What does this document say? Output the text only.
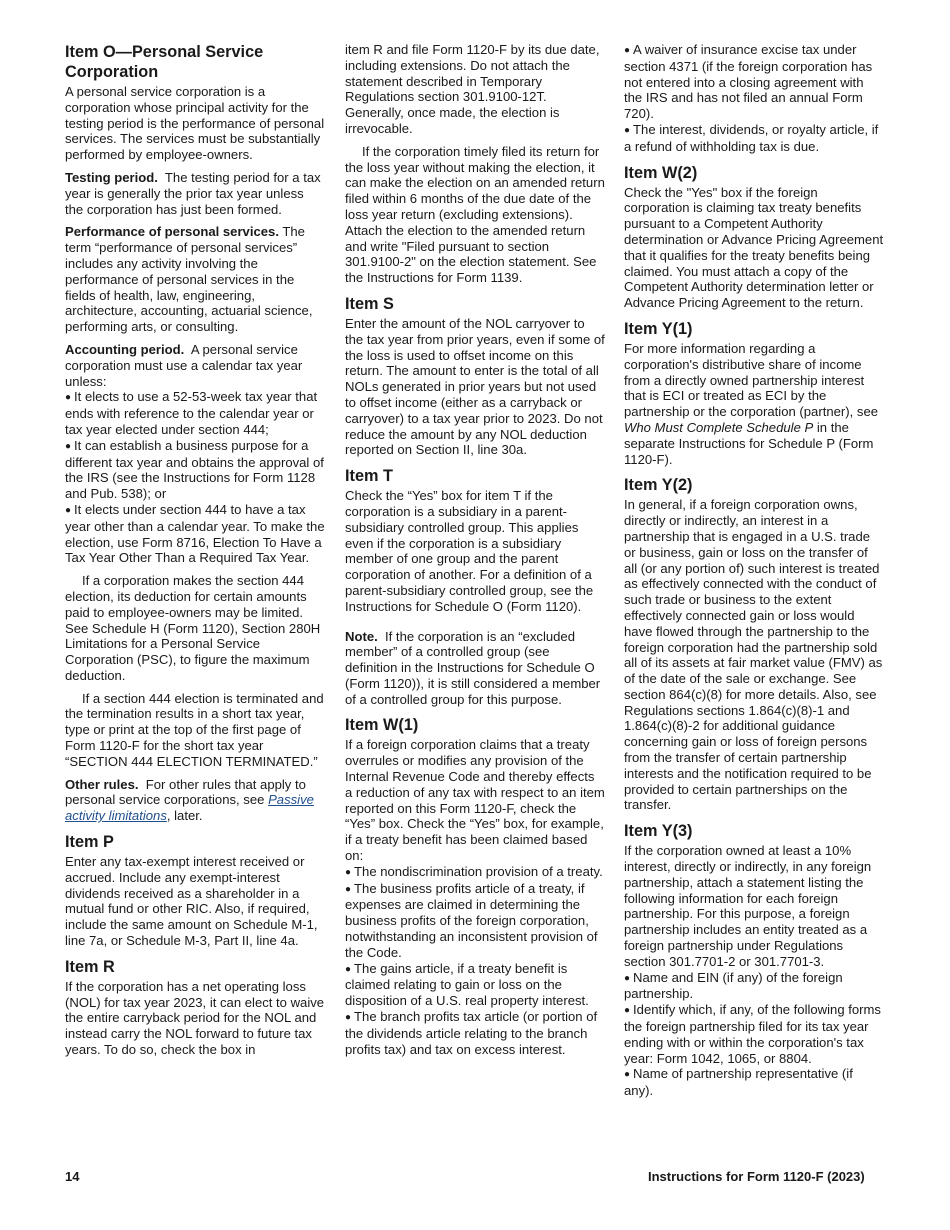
Item O—Personal Service Corporation

A personal service corporation is a corporation whose principal activity for the testing period is the performance of personal services. The services must be substantially performed by employee-owners.

Testing period. The testing period for a tax year is generally the prior tax year unless the corporation has just been formed.

Performance of personal services. The term “performance of personal services” includes any activity involving the performance of personal services in the fields of health, law, engineering, architecture, accounting, actuarial science, performing arts, or consulting.

Accounting period. A personal service corporation must use a calendar tax year unless:

● It elects to use a 52-53-week tax year that ends with reference to the calendar year or tax year elected under section 444;

● It can establish a business purpose for a different tax year and obtains the approval of the IRS (see the Instructions for Form 1128 and Pub. 538); or

● It elects under section 444 to have a tax year other than a calendar year. To make the election, use Form 8716, Election To Have a Tax Year Other Than a Required Tax Year.

If a corporation makes the section 444 election, its deduction for certain amounts paid to employee-owners may be limited. See Schedule H (Form 1120), Section 280H Limitations for a Personal Service Corporation (PSC), to figure the maximum deduction.

If a section 444 election is terminated and the termination results in a short tax year, type or print at the top of the first page of Form 1120-F for the short tax year “SECTION 444 ELECTION TERMINATED.”

Other rules. For other rules that apply to personal service corporations, see Passive activity limitations, later.

Item P

Enter any tax-exempt interest received or accrued. Include any exempt-interest dividends received as a shareholder in a mutual fund or other RIC. Also, if required, include the same amount on Schedule M-1, line 7a, or Schedule M-3, Part II, line 4a.

Item R

If the corporation has a net operating loss (NOL) for tax year 2023, it can elect to waive the entire carryback period for the NOL and instead carry the NOL forward to future tax years. To do so, check the box in

item R and file Form 1120-F by its due date, including extensions. Do not attach the statement described in Temporary Regulations section 301.9100-12T. Generally, once made, the election is irrevocable.

If the corporation timely filed its return for the loss year without making the election, it can make the election on an amended return filed within 6 months of the due date of the loss year return (excluding extensions). Attach the election to the amended return and write "Filed pursuant to section 301.9100-2" on the election statement. See the Instructions for Form 1139.

Item S

Enter the amount of the NOL carryover to the tax year from prior years, even if some of the loss is used to offset income on this return. The amount to enter is the total of all NOLs generated in prior years but not used to offset income (either as a carryback or carryover) to a tax year prior to 2023. Do not reduce the amount by any NOL deduction reported on Section II, line 30a.

Item T

Check the “Yes” box for item T if the corporation is a subsidiary in a parent-subsidiary controlled group. This applies even if the corporation is a subsidiary member of one group and the parent corporation of another. For a definition of a parent-subsidiary controlled group, see the Instructions for Schedule O (Form 1120).

Note. If the corporation is an “excluded member” of a controlled group (see definition in the Instructions for Schedule O (Form 1120)), it is still considered a member of a controlled group for this purpose.

Item W(1)

If a foreign corporation claims that a treaty overrules or modifies any provision of the Internal Revenue Code and thereby effects a reduction of any tax with respect to an item reported on this Form 1120-F, check the “Yes” box. Check the “Yes” box, for example, if a treaty benefit has been claimed based on:

● The nondiscrimination provision of a treaty.

● The business profits article of a treaty, if expenses are claimed in determining the business profits of the foreign corporation, notwithstanding an inconsistent provision of the Code.

● The gains article, if a treaty benefit is claimed relating to gain or loss on the disposition of a U.S. real property interest.

● The branch profits tax article (or portion of the dividends article relating to the branch profits tax) and tax on excess interest.

● A waiver of insurance excise tax under section 4371 (if the foreign corporation has not entered into a closing agreement with the IRS and has not filed an annual Form 720).

● The interest, dividends, or royalty article, if a refund of withholding tax is due.

Item W(2)

Check the "Yes" box if the foreign corporation is claiming tax treaty benefits pursuant to a Competent Authority determination or Advance Pricing Agreement that it qualifies for the treaty benefits being claimed. You must attach a copy of the Competent Authority determination letter or Advance Pricing Agreement to the return.

Item Y(1)

For more information regarding a corporation's distributive share of income from a directly owned partnership interest that is ECI or treated as ECI by the partnership or the corporation (partner), see Who Must Complete Schedule P in the separate Instructions for Schedule P (Form 1120-F).

Item Y(2)

In general, if a foreign corporation owns, directly or indirectly, an interest in a partnership that is engaged in a U.S. trade or business, gain or loss on the transfer of all (or any portion of) such interest is treated as effectively connected with the conduct of such trade or business to the extent effectively connected gain or loss would have flowed through the partnership to the foreign corporation had the partnership sold all of its assets at fair market value (FMV) as of the date of the sale or exchange. See section 864(c)(8) for more details. Also, see Regulations sections 1.864(c)(8)-1 and 1.864(c)(8)-2 for additional guidance concerning gain or loss of foreign persons from the transfer of certain partnership interests and the notification required to be provided to certain partnerships on the transfer.

Item Y(3)

If the corporation owned at least a 10% interest, directly or indirectly, in any foreign partnership, attach a statement listing the following information for each foreign partnership. For this purpose, a foreign partnership includes an entity treated as a foreign partnership under Regulations section 301.7701-2 or 301.7701-3.

● Name and EIN (if any) of the foreign partnership.

● Identify which, if any, of the following forms the foreign partnership filed for its tax year ending with or within the corporation's tax year: Form 1042, 1065, or 8804.

● Name of partnership representative (if any).

14	Instructions for Form 1120-F (2023)
